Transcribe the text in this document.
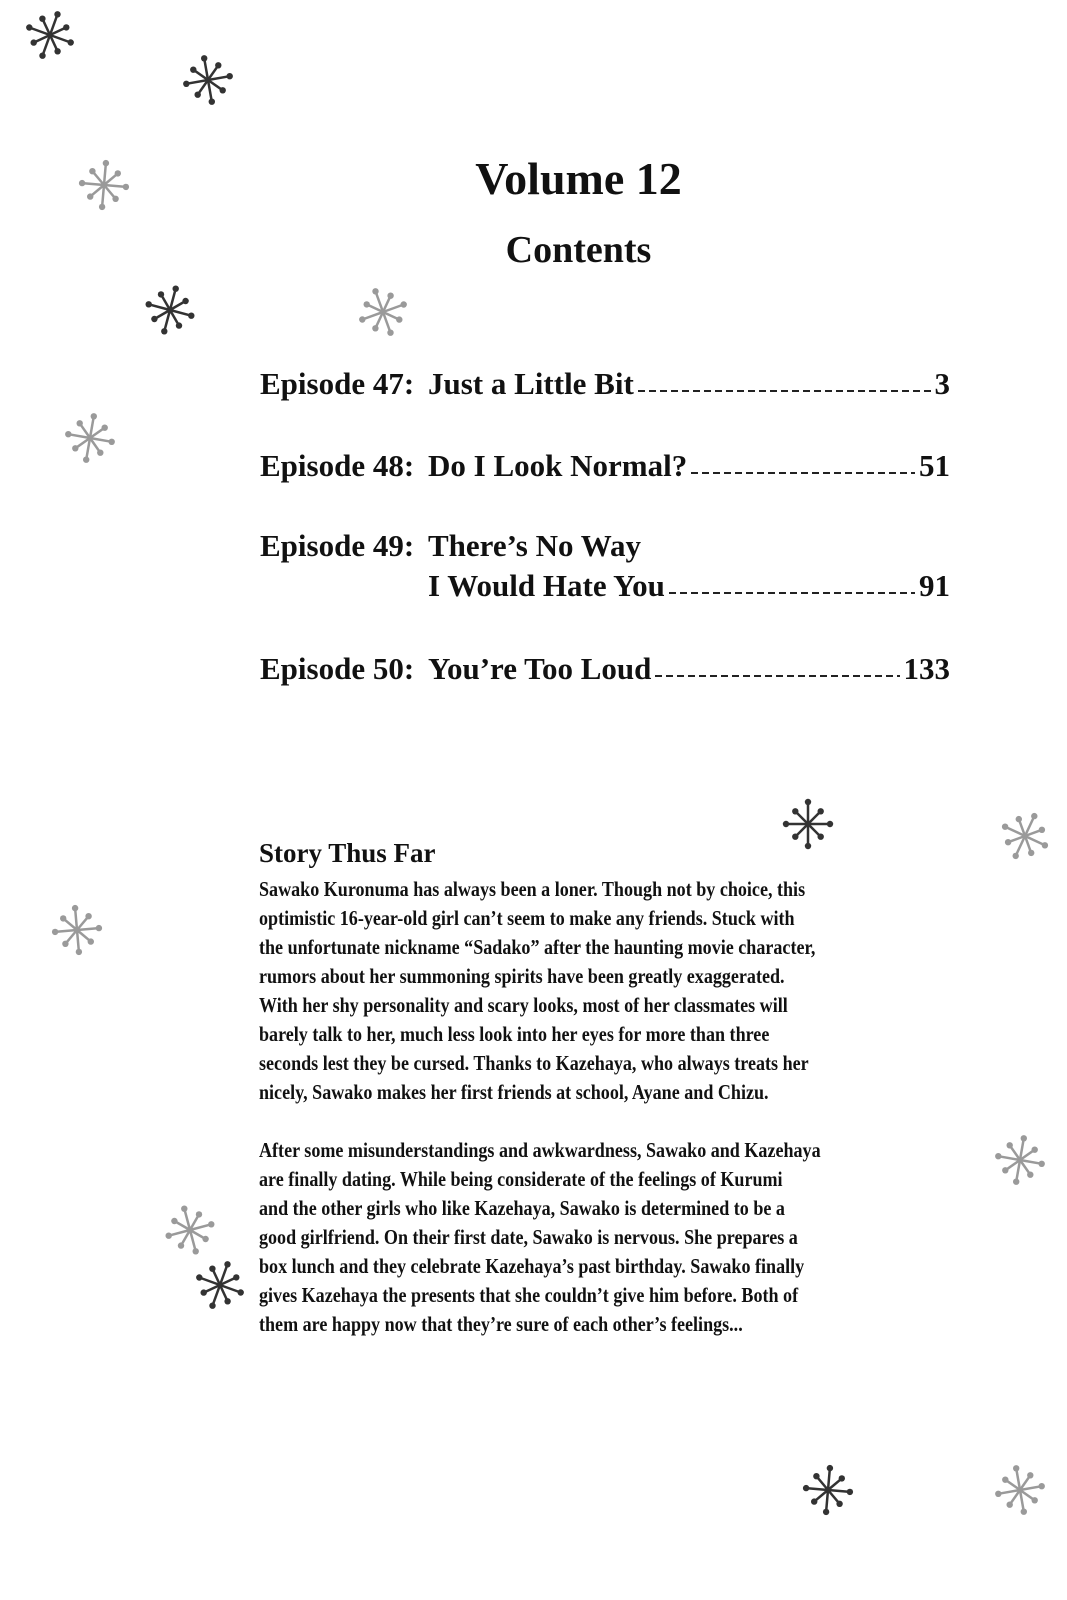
Volume 12
Contents
Episode 47: Just a Little Bit	3
Episode 48: Do I Look Normal?	51
Episode 49: There’s No Way
I Would Hate You	91
Episode 50: You’re Too Loud	133
Story Thus Far
Sawako Kuronuma has always been a loner. Though not by choice, this
optimistic 16-year-old girl can’t seem to make any friends. Stuck with
the unfortunate nickname “Sadako” after the haunting movie character,
rumors about her summoning spirits have been greatly exaggerated.
With her shy personality and scary looks, most of her classmates will
barely talk to her, much less look into her eyes for more than three
seconds lest they be cursed. Thanks to Kazehaya, who always treats her
nicely, Sawako makes her first friends at school, Ayane and Chizu.
After some misunderstandings and awkwardness, Sawako and Kazehaya
are finally dating. While being considerate of the feelings of Kurumi
and the other girls who like Kazehaya, Sawako is determined to be a
good girlfriend. On their first date, Sawako is nervous. She prepares a
box lunch and they celebrate Kazehaya’s past birthday. Sawako finally
gives Kazehaya the presents that she couldn’t give him before. Both of
them are happy now that they’re sure of each other’s feelings...
